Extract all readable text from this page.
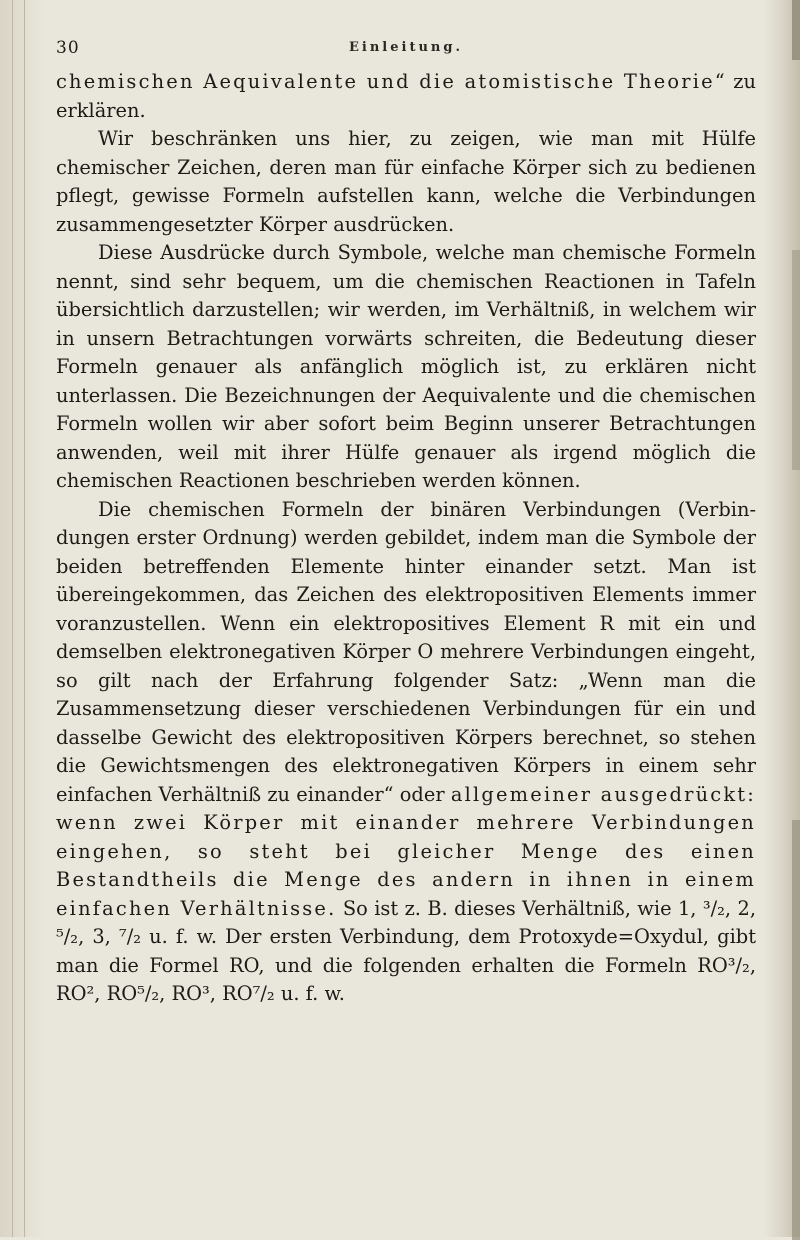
30	Einleitung.

chemischen Aequivalente und die atomistische Theorie“ zu erklären.

Wir beschränken uns hier, zu zeigen, wie man mit Hülfe chemischer Zeichen, deren man für einfache Körper sich zu bedienen pflegt, gewisse Formeln aufstellen kann, welche die Verbindungen zusammengesetzter Körper ausdrücken.

Diese Ausdrücke durch Symbole, welche man chemische Formeln nennt, sind sehr bequem, um die chemischen Reactionen in Tafeln übersichtlich darzustellen; wir werden, im Verhältniß, in welchem wir in unsern Betrachtungen vorwärts schreiten, die Bedeutung dieser Formeln genauer als anfänglich möglich ist, zu erklären nicht unterlassen. Die Bezeichnungen der Aequivalente und die chemischen Formeln wollen wir aber sofort beim Beginn unserer Betrachtungen anwenden, weil mit ihrer Hülfe genauer als irgend möglich die chemischen Reactionen beschrieben werden können.

Die chemischen Formeln der binären Verbindungen (Verbindungen erster Ordnung) werden gebildet, indem man die Symbole der beiden betreffenden Elemente hinter einander setzt. Man ist übereingekommen, das Zeichen des elektropositiven Elements immer voranzustellen. Wenn ein elektropositives Element R mit ein und demselben elektronegativen Körper O mehrere Verbindungen eingeht, so gilt nach der Erfahrung folgender Satz: „Wenn man die Zusammensetzung dieser verschiedenen Verbindungen für ein und dasselbe Gewicht des elektropositiven Körpers berechnet, so stehen die Gewichtsmengen des elektronegativen Körpers in einem sehr einfachen Verhältniß zu einander“ oder allgemeiner ausgedrückt: wenn zwei Körper mit einander mehrere Verbindungen eingehen, so steht bei gleicher Menge des einen Bestandtheils die Menge des andern in ihnen in einem einfachen Verhältnisse. So ist z. B. dieses Verhältniß, wie 1, ³/₂, 2, ⁵/₂, 3, ⁷/₂ u. f. w. Der ersten Verbindung, dem Protoxyde=Oxydul, gibt man die Formel RO, und die folgenden erhalten die Formeln RO³/₂, RO², RO⁵/₂, RO³, RO⁷/₂ u. f. w.
